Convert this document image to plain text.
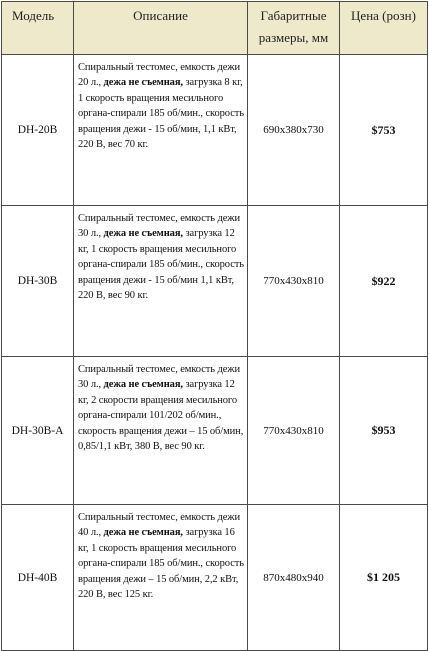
Модель	Описание	Габаритные
размеры, мм	Цена (розн)
DH-20B	Спиральный тестомес, емкость дежи 20 л., дежа не съемная, загрузка 8 кг, 1 скорость вращения месильного органа-спирали 185 об/мин., скорость вращения дежи - 15 об/мин, 1,1 кВт, 220 В, вес 70 кг.	690x380x730	$753
DH-30B	Спиральный тестомес, емкость дежи 30 л., дежа не съемная, загрузка 12 кг, 1 скорость вращения месильного органа-спирали 185 об/мин., скорость вращения дежи - 15 об/мин 1,1 кВт, 220 В, вес 90 кг.	770x430x810	$922
DH-30B-A	Спиральный тестомес, емкость дежи 30 л., дежа не съемная, загрузка 12 кг, 2 скорости вращения месильного органа-спирали 101/202 об/мин., скорость вращения дежи – 15 об/мин, 0,85/1,1 кВт, 380 В, вес 90 кг.	770x430x810	$953
DH-40B	Спиральный тестомес, емкость дежи 40 л., дежа не съемная, загрузка 16 кг, 1 скорость вращения месильного органа-спирали 185 об/мин., скорость вращения дежи – 15 об/мин, 2,2 кВт, 220 В, вес 125 кг.	870x480x940	$1 205
